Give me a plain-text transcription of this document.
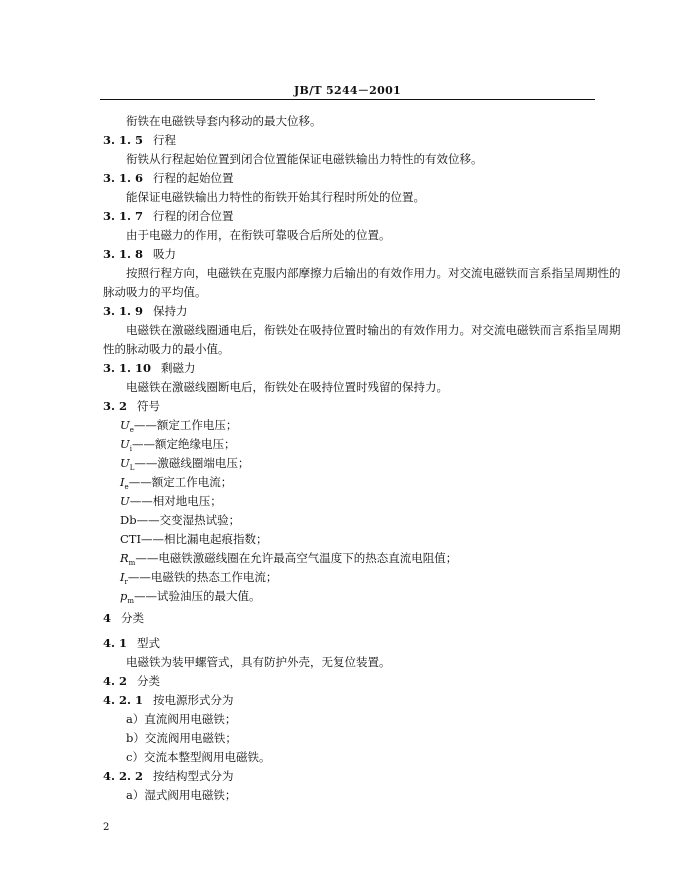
JB/T 5244－2001
衔铁在电磁铁导套内移动的最大位移。
3. 1. 5 行程
衔铁从行程起始位置到闭合位置能保证电磁铁输出力特性的有效位移。
3. 1. 6 行程的起始位置
能保证电磁铁输出力特性的衔铁开始其行程时所处的位置。
3. 1. 7 行程的闭合位置
由于电磁力的作用，在衔铁可靠吸合后所处的位置。
3. 1. 8 吸力
按照行程方向，电磁铁在克服内部摩擦力后输出的有效作用力。对交流电磁铁而言系指呈周期性的
脉动吸力的平均值。
3. 1. 9 保持力
电磁铁在激磁线圈通电后，衔铁处在吸持位置时输出的有效作用力。对交流电磁铁而言系指呈周期
性的脉动吸力的最小值。
3. 1. 10 剩磁力
电磁铁在激磁线圈断电后，衔铁处在吸持位置时残留的保持力。
3. 2 符号
$U_e——$额定工作电压；
$U_i——$额定绝缘电压；
$U_L——$激磁线圈端电压；
$I_e——$额定工作电流；
U——相对地电压；
Db——交变湿热试验；
CTI——相比漏电起痕指数；
$R_m——$电磁铁激磁线圈在允许最高空气温度下的热态直流电阻值；
$I_r——$电磁铁的热态工作电流；
$p_m——$试验油压的最大值。
4 分类
4. 1 型式
电磁铁为装甲螺管式，具有防护外壳，无复位装置。
4. 2 分类
4. 2. 1 按电源形式分为
a）直流阀用电磁铁；
b）交流阀用电磁铁；
c）交流本整型阀用电磁铁。
4. 2. 2 按结构型式分为
a）湿式阀用电磁铁；
2
